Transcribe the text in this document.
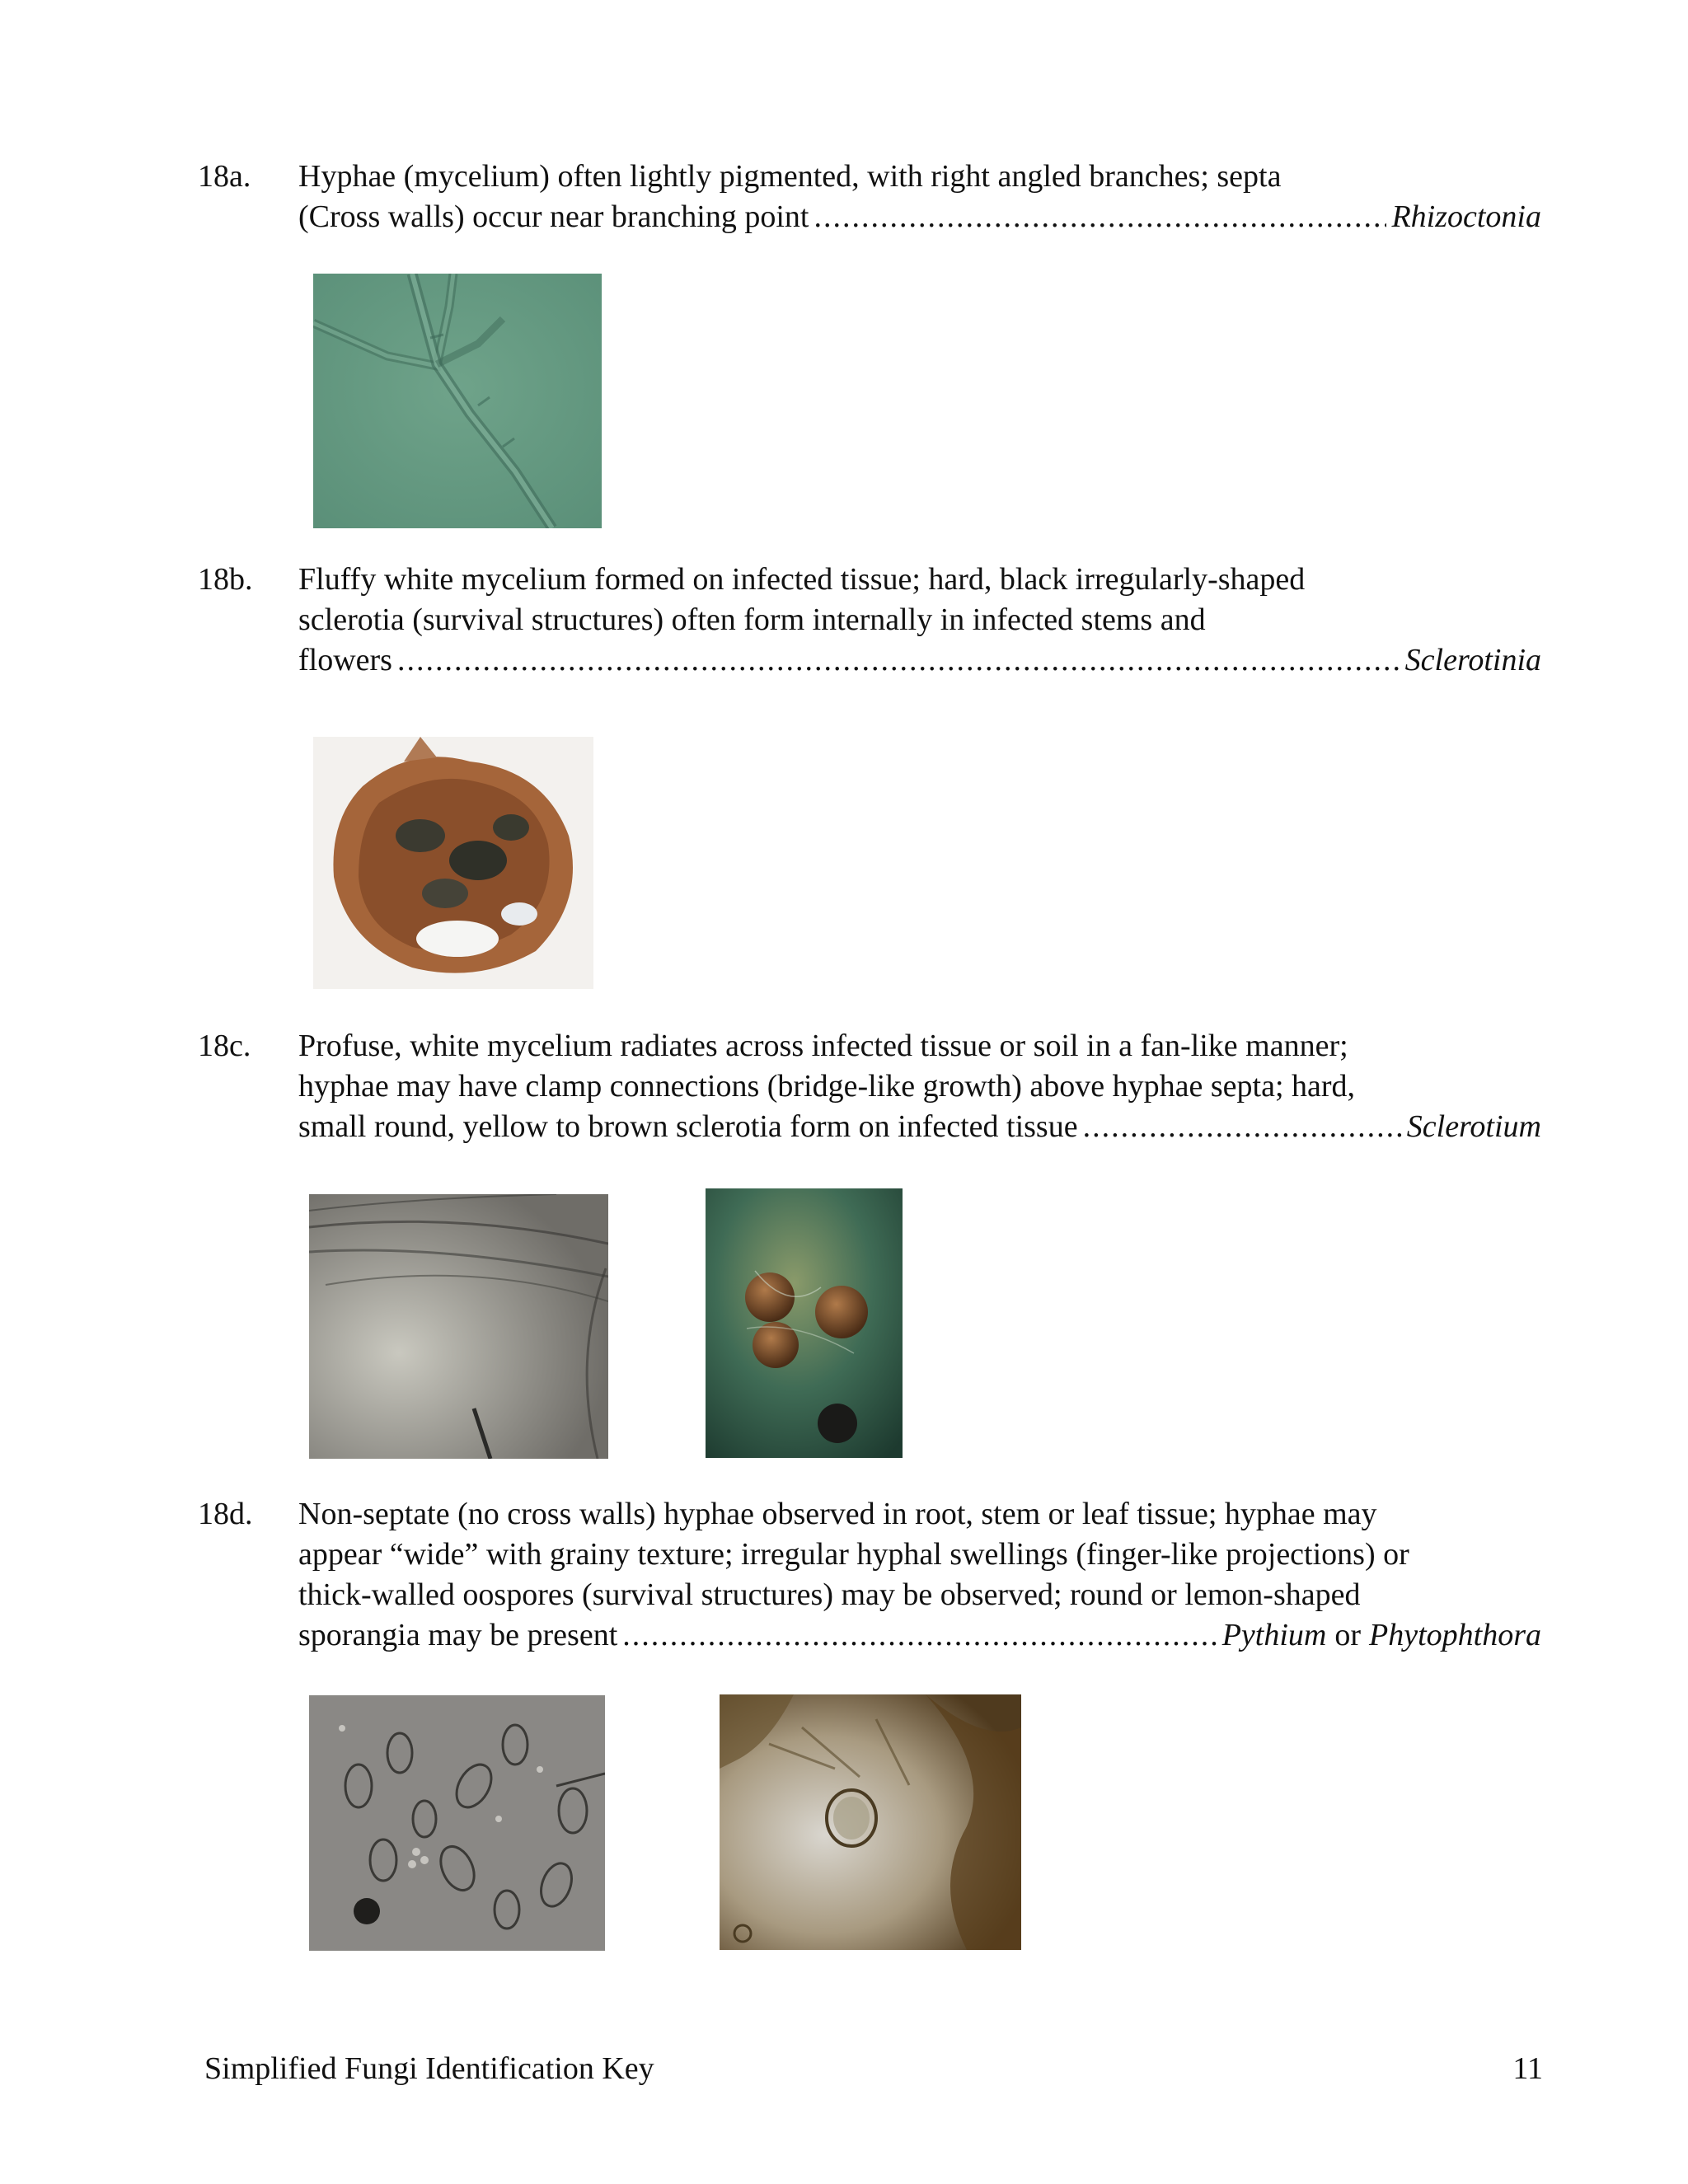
18a. Hyphae (mycelium) often lightly pigmented, with right angled branches; septa
(Cross walls) occur near branching point .....	Rhizoctonia
18b. Fluffy white mycelium formed on infected tissue; hard, black irregularly-shaped
sclerotia (survival structures) often form internally in infected stems and
flowers .....	Sclerotinia
18c. Profuse, white mycelium radiates across infected tissue or soil in a fan-like manner;
hyphae may have clamp connections (bridge-like growth) above hyphae septa; hard,
small round, yellow to brown sclerotia form on infected tissue .....	Sclerotium
18d. Non-septate (no cross walls) hyphae observed in root, stem or leaf tissue; hyphae may
appear “wide” with grainy texture; irregular hyphal swellings (finger-like projections) or
thick-walled oospores (survival structures) may be observed; round or lemon-shaped
sporangia may be present .....	Pythium or Phytophthora
Simplified Fungi Identification Key	11
